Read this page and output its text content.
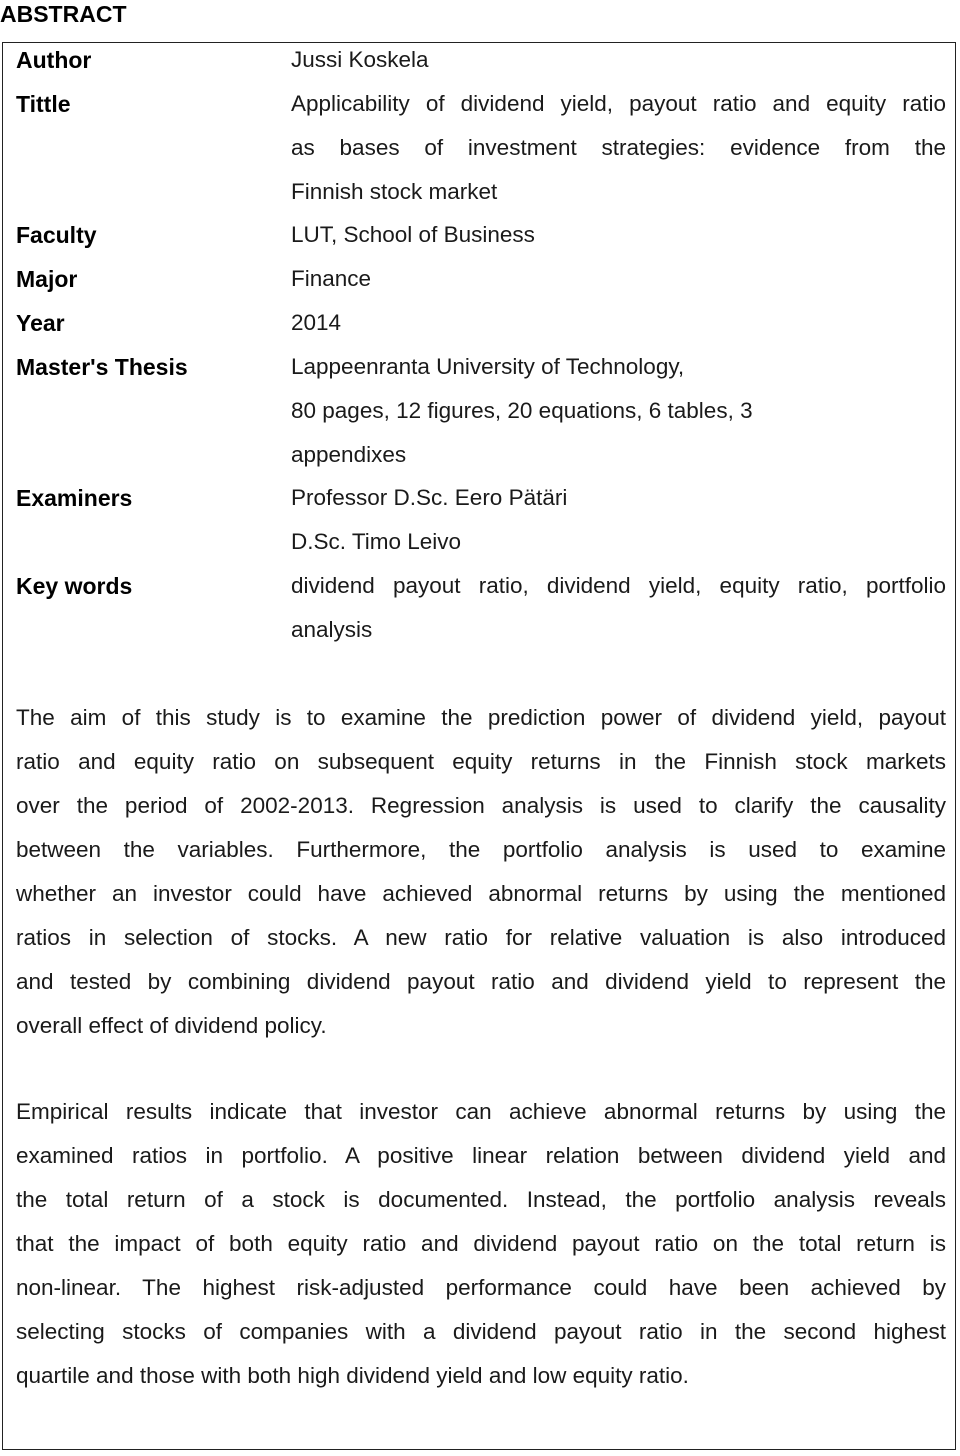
ABSTRACT
Author	Jussi Koskela
Tittle	Applicability of dividend yield, payout ratio and equity ratio
as bases of investment strategies: evidence from the
Finnish stock market
Faculty	LUT, School of Business
Major	Finance
Year	2014
Master's Thesis	Lappeenranta University of Technology,
80 pages, 12 figures, 20 equations, 6 tables, 3
appendixes
Examiners	Professor D.Sc. Eero Pätäri
D.Sc. Timo Leivo
Key words	dividend payout ratio, dividend yield, equity ratio, portfolio
analysis
The aim of this study is to examine the prediction power of dividend yield, payout
ratio and equity ratio on subsequent equity returns in the Finnish stock markets
over the period of 2002-2013. Regression analysis is used to clarify the causality
between the variables. Furthermore, the portfolio analysis is used to examine
whether an investor could have achieved abnormal returns by using the mentioned
ratios in selection of stocks. A new ratio for relative valuation is also introduced
and tested by combining dividend payout ratio and dividend yield to represent the
overall effect of dividend policy.
Empirical results indicate that investor can achieve abnormal returns by using the
examined ratios in portfolio. A positive linear relation between dividend yield and
the total return of a stock is documented. Instead, the portfolio analysis reveals
that the impact of both equity ratio and dividend payout ratio on the total return is
non-linear. The highest risk-adjusted performance could have been achieved by
selecting stocks of companies with a dividend payout ratio in the second highest
quartile and those with both high dividend yield and low equity ratio.
